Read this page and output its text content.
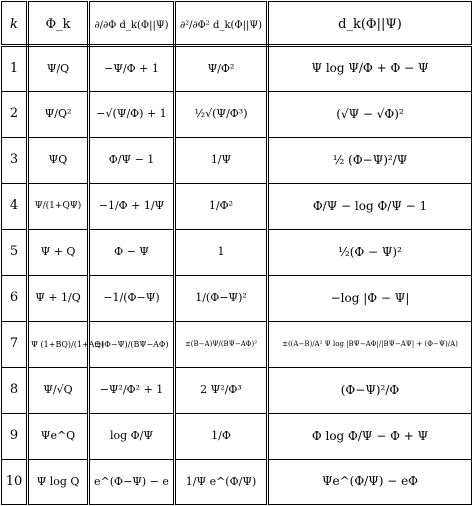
k	Φ_k	∂/∂Φ d_k(Φ||Ψ)	∂²/∂Φ² d_k(Φ||Ψ)	d_k(Φ||Ψ)
1	Ψ/Q	−Ψ/Φ + 1	Ψ/Φ²	Ψ log Ψ/Φ + Φ − Ψ
2	Ψ/Q²	−√(Ψ/Φ) + 1	½√(Ψ/Φ³)	(√Ψ − √Φ)²
3	ΨQ	Φ/Ψ − 1	1/Ψ	½ (Φ−Ψ)²/Ψ
4	Ψ/(1+QΨ)	−1/Φ + 1/Ψ	1/Φ²	Φ/Ψ − log Φ/Ψ − 1
5	Ψ + Q	Φ − Ψ	1	½(Φ − Ψ)²
6	Ψ + 1/Q	−1/(Φ−Ψ)	1/(Φ−Ψ)²	−log |Φ − Ψ|
7	Ψ (1+BQ)/(1+AQ)	±(Φ−Ψ)/(BΨ−AΦ)	±(B−A)Ψ/(BΨ−AΦ)²	±((A−B)/A² Ψ log |BΨ−AΦ|/|BΨ−AΨ| + (Φ−Ψ)/A)
8	Ψ/√Q	−Ψ²/Φ² + 1	2 Ψ²/Φ³	(Φ−Ψ)²/Φ
9	Ψe^Q	log Φ/Ψ	1/Φ	Φ log Φ/Ψ − Φ + Ψ
10	Ψ log Q	e^(Φ−Ψ) − e	1/Ψ e^(Φ/Ψ)	Ψe^(Φ/Ψ) − eΦ
